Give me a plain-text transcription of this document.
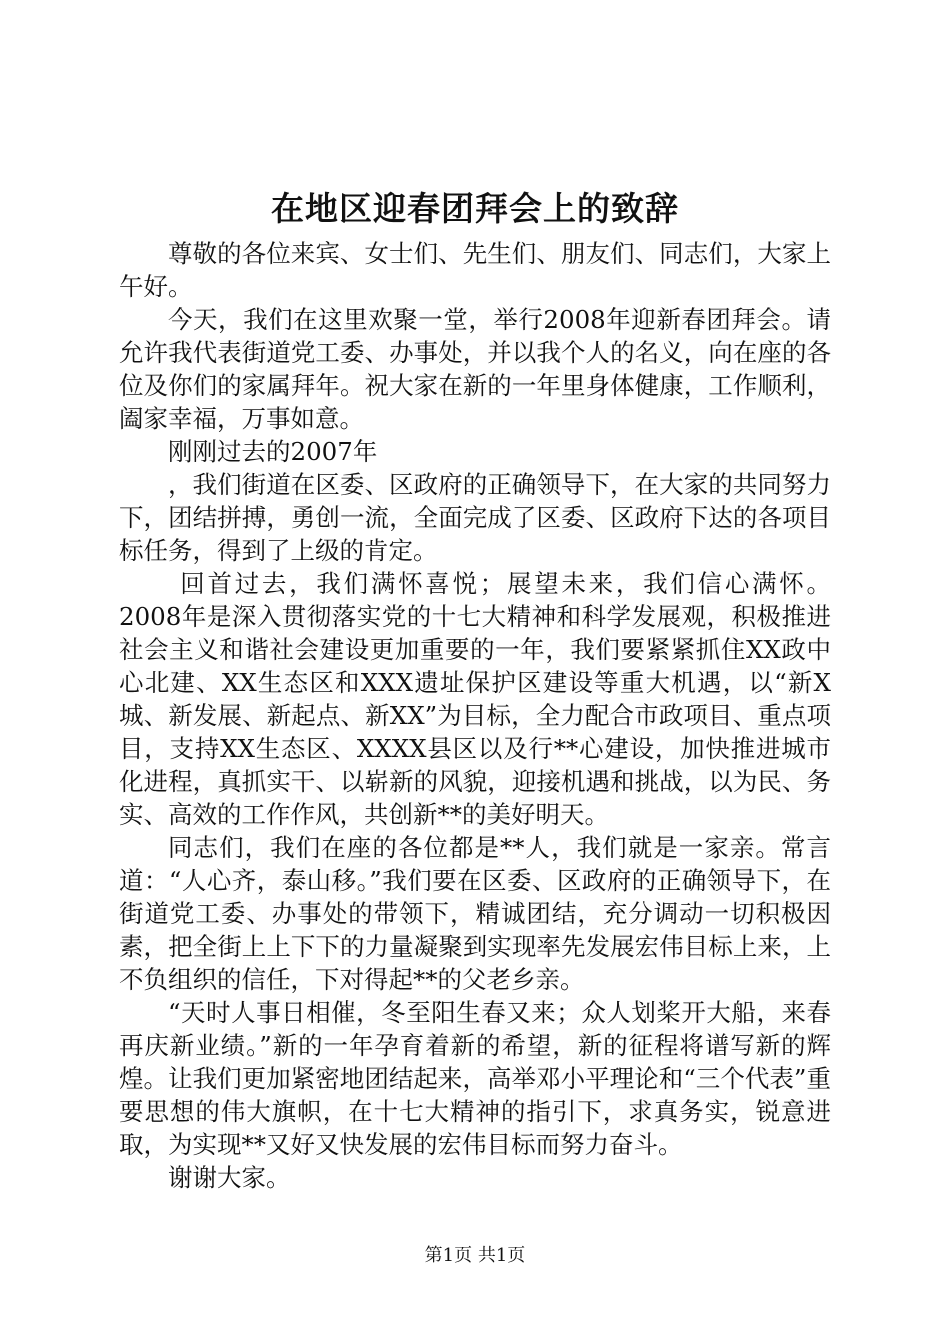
在地区迎春团拜会上的致辞

尊敬的各位来宾、女士们、先生们、朋友们、同志们，大家上午好。

今天，我们在这里欢聚一堂，举行2008年迎新春团拜会。请允许我代表街道党工委、办事处，并以我个人的名义，向在座的各位及你们的家属拜年。祝大家在新的一年里身体健康，工作顺利，阖家幸福，万事如意。

刚刚过去的2007年

，我们街道在区委、区政府的正确领导下，在大家的共同努力下，团结拼搏，勇创一流，全面完成了区委、区政府下达的各项目标任务，得到了上级的肯定。

回首过去，我们满怀喜悦；展望未来，我们信心满怀。

2008年是深入贯彻落实党的十七大精神和科学发展观，积极推进社会主义和谐社会建设更加重要的一年，我们要紧紧抓住XX政中心北建、XX生态区和XXX遗址保护区建设等重大机遇，以“新X城、新发展、新起点、新XX”为目标，全力配合市政项目、重点项目，支持XX生态区、XXXX县区以及行**心建设，加快推进城市化进程，真抓实干、以崭新的风貌，迎接机遇和挑战，以为民、务实、高效的工作作风，共创新**的美好明天。

同志们，我们在座的各位都是**人，我们就是一家亲。常言道：“人心齐，泰山移。”我们要在区委、区政府的正确领导下，在街道党工委、办事处的带领下，精诚团结，充分调动一切积极因素，把全街上上下下的力量凝聚到实现率先发展宏伟目标上来，上不负组织的信任，下对得起**的父老乡亲。

“天时人事日相催，冬至阳生春又来；众人划桨开大船，来春再庆新业绩。”新的一年孕育着新的希望，新的征程将谱写新的辉煌。让我们更加紧密地团结起来，高举邓小平理论和“三个代表”重要思想的伟大旗帜，在十七大精神的指引下，求真务实，锐意进取，为实现**又好又快发展的宏伟目标而努力奋斗。

谢谢大家。

第1页 共1页
